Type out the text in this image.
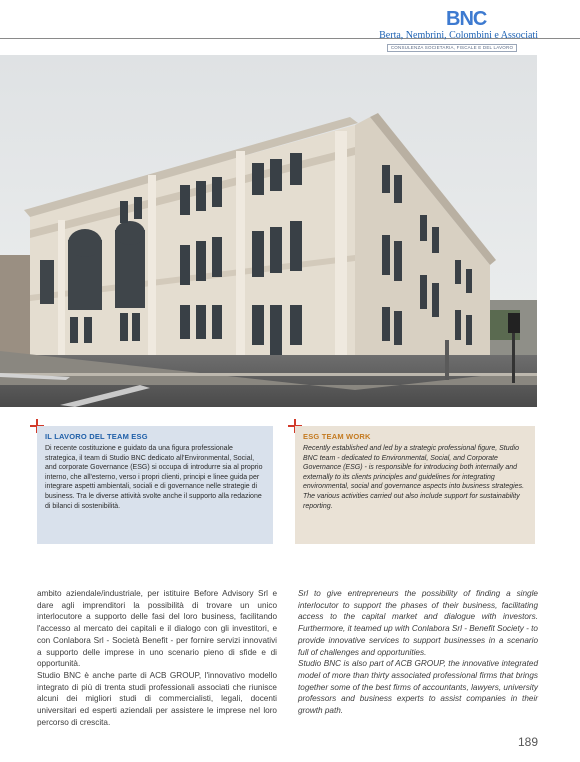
BNC
Berta, Nembrini, Colombini e Associati
CONSULENZA SOCIETARIA, FISCALE E DEL LAVORO
IL LAVORO DEL TEAM ESG

Di recente costituzione e guidato da una figura professionale strategica, il team di Studio BNC dedicato all'Environmental, Social, and corporate Governance (ESG) si occupa di introdurre sia al proprio interno, che all'esterno, verso i propri clienti, principi e linee guida per integrare aspetti ambientali, sociali e di governance nelle strategie di business. Tra le diverse attività svolte anche il supporto alla redazione di bilanci di sostenibilità.

ESG TEAM WORK

Recently established and led by a strategic professional figure, Studio BNC team - dedicated to Environmental, Social, and Corporate Governance (ESG) - is responsible for introducing both internally and externally to its clients principles and guidelines for integrating environmental, social and governance aspects into business strategies. The various activities carried out also include support for sustainability reporting.

ambito aziendale/industriale, per istituire Before Advisory Srl e dare agli imprenditori la possibilità di trovare un unico interlocutore a supporto delle fasi del loro business, facilitando l'accesso al mercato dei capitali e il dialogo con gli investitori, e con Conlabora Srl - Società Benefit - per fornire servizi innovativi a supporto delle imprese in uno scenario pieno di sfide e di opportunità.

Studio BNC è anche parte di ACB GROUP, l'innovativo modello integrato di più di trenta studi professionali associati che riunisce alcuni dei migliori studi di commercialisti, legali, docenti universitari ed esperti aziendali per assistere le imprese nel loro percorso di crescita.

Srl to give entrepreneurs the possibility of finding a single interlocutor to support the phases of their business, facilitating access to the capital market and dialogue with investors. Furthermore, it teamed up with Conlabora Srl - Benefit Society - to provide innovative services to support businesses in a scenario full of challenges and opportunities.

Studio BNC is also part of ACB GROUP, the innovative integrated model of more than thirty associated professional firms that brings together some of the best firms of accountants, lawyers, university professors and business experts to assist companies in their growth path.

189
